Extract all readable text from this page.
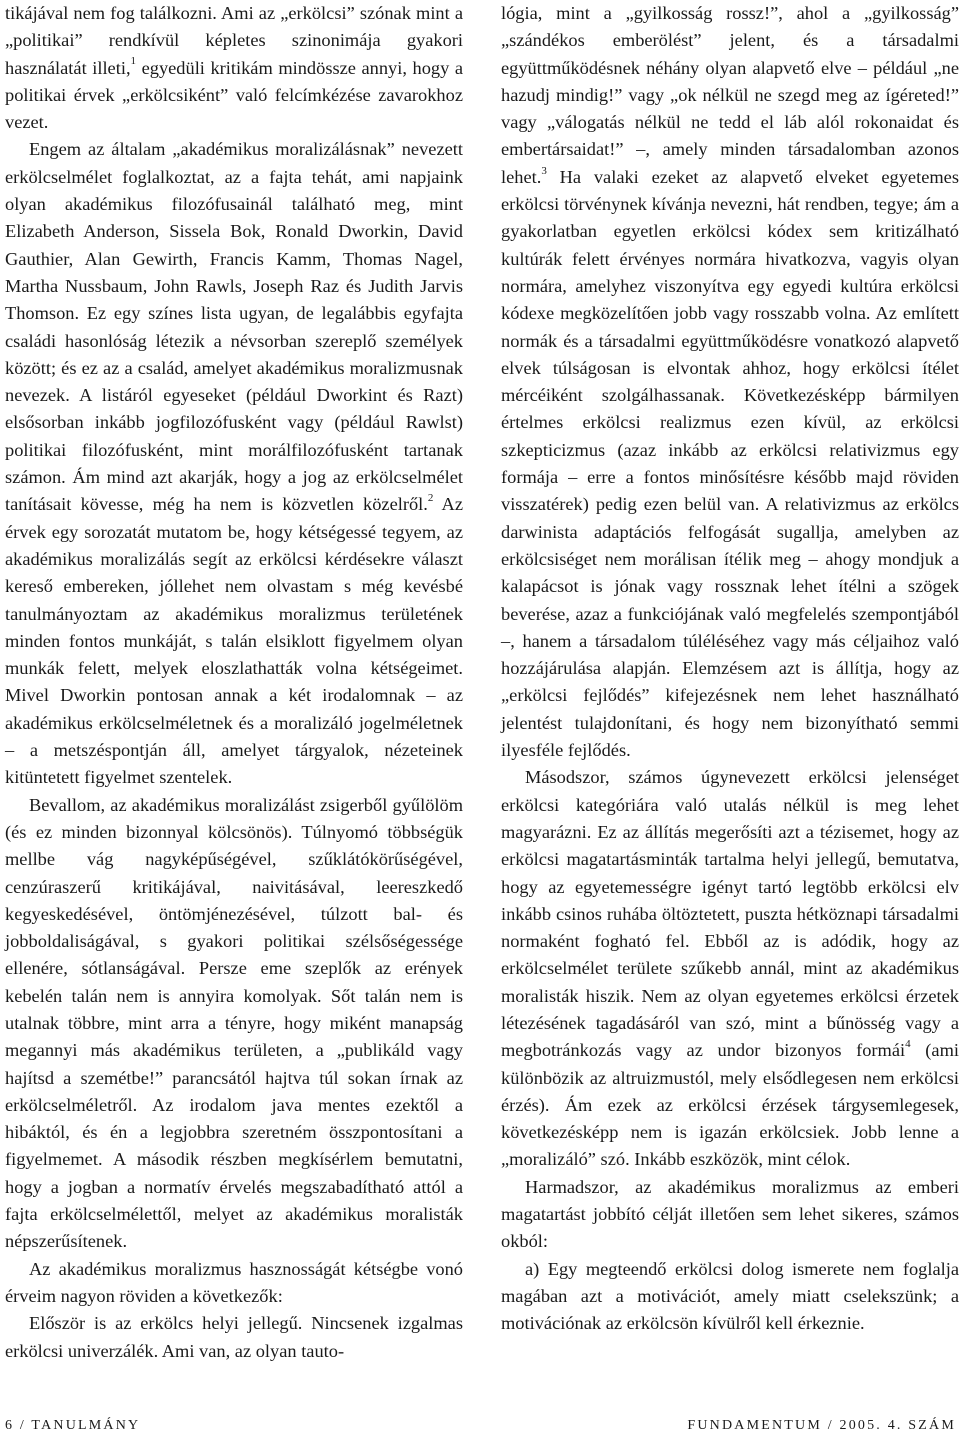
tikájával nem fog találkozni. Ami az „erkölcsi” szónak mint a „politikai” rendkívül képletes szinonimája gyakori használatát illeti,$^1$ egyedüli kritikám mindössze annyi, hogy a politikai érvek „erkölcsiként” való felcímkézése zavarokhoz vezet.

Engem az általam „akadémikus moralizálásnak” nevezett erkölcselmélet foglalkoztat, az a fajta tehát, ami napjaink olyan akadémikus filozófusainál található meg, mint Elizabeth Anderson, Sissela Bok, Ronald Dworkin, David Gauthier, Alan Gewirth, Francis Kamm, Thomas Nagel, Martha Nussbaum, John Rawls, Joseph Raz és Judith Jarvis Thomson. Ez egy színes lista ugyan, de legalábbis egyfajta családi hasonlóság létezik a névsorban szereplő személyek között; és ez az a család, amelyet akadémikus moralizmusnak nevezek. A listáról egyeseket (például Dworkint és Razt) elsősorban inkább jogfilozófusként vagy (például Rawlst) politikai filozófusként, mint morálfilozófusként tartanak számon. Ám mind azt akarják, hogy a jog az erkölcselmélet tanításait kövesse, még ha nem is közvetlen közelről.$^2$ Az érvek egy sorozatát mutatom be, hogy kétségessé tegyem, az akadémikus moralizálás segít az erkölcsi kérdésekre választ kereső embereken, jóllehet nem olvastam s még kevésbé tanulmányoztam az akadémikus moralizmus területének minden fontos munkáját, s talán elsiklott figyelmem olyan munkák felett, melyek eloszlathatták volna kétségeimet. Mivel Dworkin pontosan annak a két irodalomnak – az akadémikus erkölcselméletnek és a moralizáló jogelméletnek – a metszéspontján áll, amelyet tárgyalok, nézeteinek kitüntetett figyelmet szentelek.

Bevallom, az akadémikus moralizálást zsigerből gyűlölöm (és ez minden bizonnyal kölcsönös). Túlnyomó többségük mellbe vág nagyképűségével, szűklátókörűségével, cenzúraszerű kritikájával, naivitásával, leereszkedő kegyeskedésével, öntömjénezésével, túlzott bal- és jobboldaliságával, s gyakori politikai szélsőségessége ellenére, sótlanságával. Persze eme szeplők az erények kebelén talán nem is annyira komolyak. Sőt talán nem is utalnak többre, mint arra a tényre, hogy miként manapság megannyi más akadémikus területen, a „publikáld vagy hajítsd a szemétbe!” parancsától hajtva túl sokan írnak az erkölcselméletről. Az irodalom java mentes ezektől a hibáktól, és én a legjobbra szeretném összpontosítani a figyelmemet. A második részben megkísérlem bemutatni, hogy a jogban a normatív érvelés megszabadítható attól a fajta erkölcselmélettől, melyet az akadémikus moralisták népszerűsítenek.

Az akadémikus moralizmus hasznosságát kétségbe vonó érveim nagyon röviden a következők:

Először is az erkölcs helyi jellegű. Nincsenek izgalmas erkölcsi univerzálék. Ami van, az olyan tauto-

lógia, mint a „gyilkosság rossz!”, ahol a „gyilkosság” „szándékos emberölést” jelent, és a társadalmi együttműködésnek néhány olyan alapvető elve – például „ne hazudj mindig!” vagy „ok nélkül ne szegd meg az ígéreted!” vagy „válogatás nélkül ne tedd el láb alól rokonaidat és embertársaidat!” –, amely minden társadalomban azonos lehet.$^3$ Ha valaki ezeket az alapvető elveket egyetemes erkölcsi törvénynek kívánja nevezni, hát rendben, tegye; ám a gyakorlatban egyetlen erkölcsi kódex sem kritizálható kultúrák felett érvényes normára hivatkozva, vagyis olyan normára, amelyhez viszonyítva egy egyedi kultúra erkölcsi kódexe megközelítően jobb vagy rosszabb volna. Az említett normák és a társadalmi együttműködésre vonatkozó alapvető elvek túlságosan is elvontak ahhoz, hogy erkölcsi ítélet mércéiként szolgálhassanak. Következésképp bármilyen értelmes erkölcsi realizmus ezen kívül, az erkölcsi szkepticizmus (azaz inkább az erkölcsi relativizmus egy formája – erre a fontos minősítésre később majd röviden visszatérek) pedig ezen belül van. A relativizmus az erkölcs darwinista adaptációs felfogását sugallja, amelyben az erkölcsiséget nem morálisan ítélik meg – ahogy mondjuk a kalapácsot is jónak vagy rossznak lehet ítélni a szögek beverése, azaz a funkciójának való megfelelés szempontjából –, hanem a társadalom túléléséhez vagy más céljaihoz való hozzájárulása alapján. Elemzésem azt is állítja, hogy az „erkölcsi fejlődés” kifejezésnek nem lehet használható jelentést tulajdonítani, és hogy nem bizonyítható semmi ilyesféle fejlődés.

Másodszor, számos úgynevezett erkölcsi jelenséget erkölcsi kategóriára való utalás nélkül is meg lehet magyarázni. Ez az állítás megerősíti azt a tézisemet, hogy az erkölcsi magatartásminták tartalma helyi jellegű, bemutatva, hogy az egyetemességre igényt tartó legtöbb erkölcsi elv inkább csinos ruhába öltöztetett, puszta hétköznapi társadalmi normaként fogható fel. Ebből az is adódik, hogy az erkölcselmélet területe szűkebb annál, mint az akadémikus moralisták hiszik. Nem az olyan egyetemes erkölcsi érzetek létezésének tagadásáról van szó, mint a bűnösség vagy a megbotránkozás vagy az undor bizonyos formái$^4$ (ami különbözik az altruizmustól, mely elsődlegesen nem erkölcsi érzés). Ám ezek az erkölcsi érzések tárgysemlegesek, következésképp nem is igazán erkölcsiek. Jobb lenne a „moralizáló” szó. Inkább eszközök, mint célok.

Harmadszor, az akadémikus moralizmus az emberi magatartást jobbító célját illetően sem lehet sikeres, számos okból:

a) Egy megteendő erkölcsi dolog ismerete nem foglalja magában azt a motivációt, amely miatt cselekszünk; a motivációnak az erkölcsön kívülről kell érkeznie.

6 / TANULMÁNY	FUNDAMENTUM / 2005. 4. SZÁM
